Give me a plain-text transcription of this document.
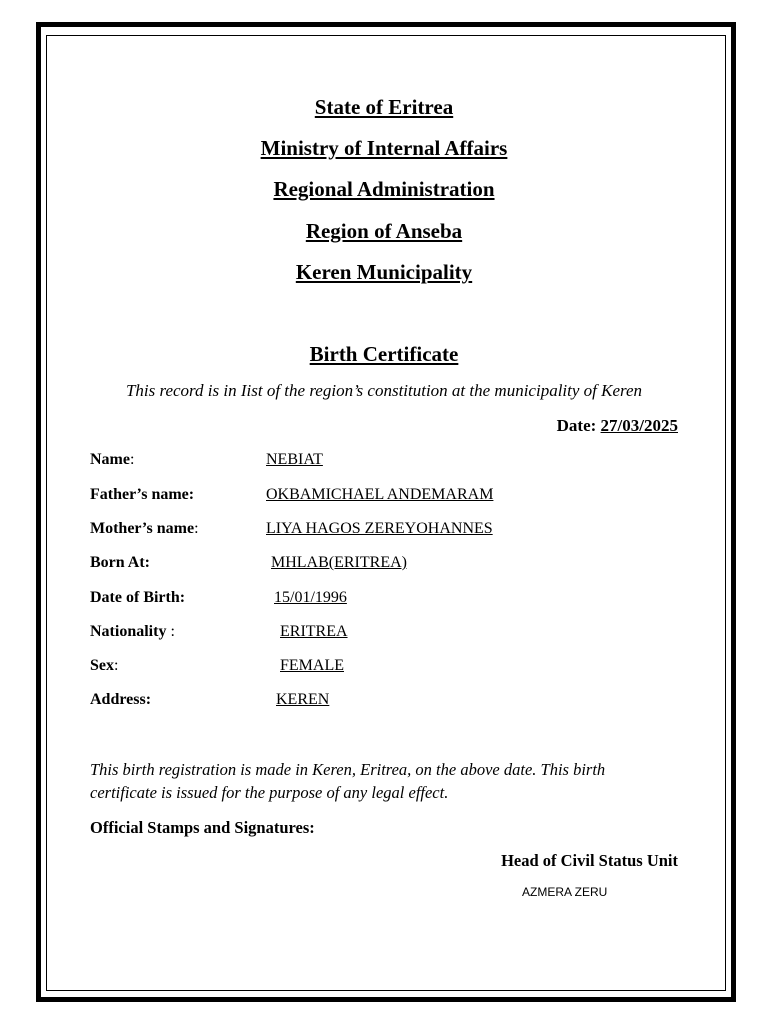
State of Eritrea
Ministry of Internal Affairs
Regional Administration
Region of Anseba
Keren Municipality
Birth Certificate
This record is in Iist of the region’s constitution at the municipality of Keren
Date: 27/03/2025
Name:	NEBIAT
Father’s name:	OKBAMICHAEL ANDEMARAM
Mother’s name:	LIYA HAGOS ZEREYOHANNES
Born At:	MHLAB(ERITREA)
Date of Birth:	15/01/1996
Nationality :	ERITREA
Sex:	FEMALE
Address:	KEREN
This birth registration is made in Keren, Eritrea, on the above date. This birth certificate is issued for the purpose of any legal effect.
Official Stamps and Signatures:
Head of Civil Status Unit
AZMERA ZERU
